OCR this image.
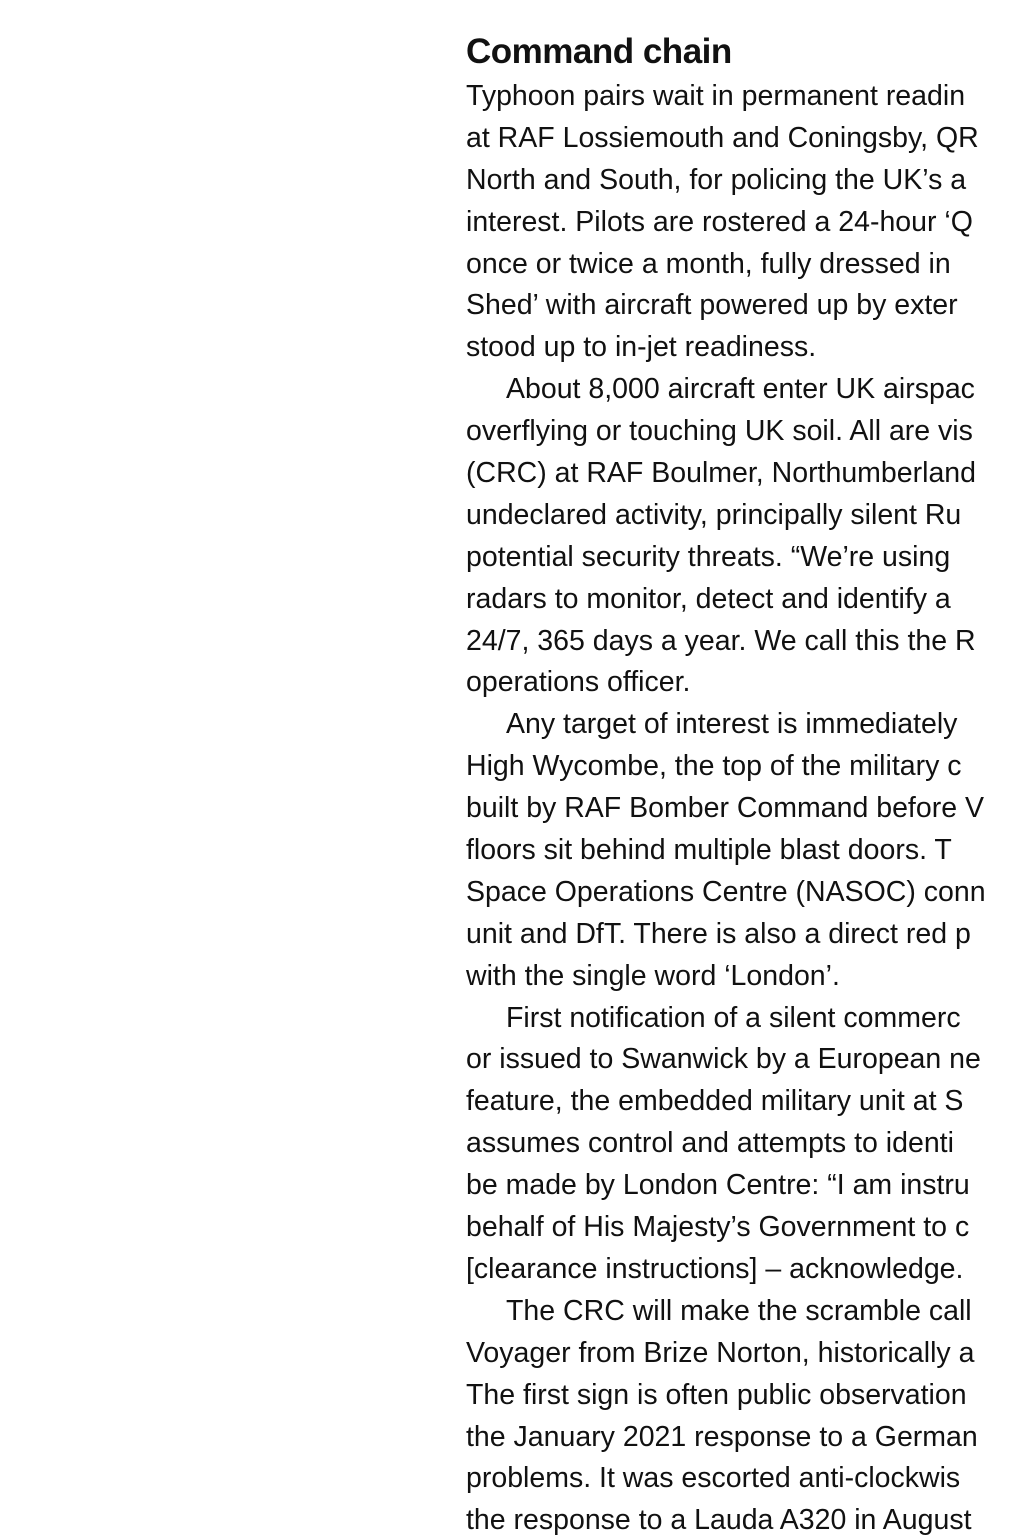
Command chain
Typhoon pairs wait in permanent readin
at RAF Lossiemouth and Coningsby, QR
North and South, for policing the UK’s a
interest. Pilots are rostered a 24-hour ‘Q
once or twice a month, fully dressed in
Shed’ with aircraft powered up by exter
stood up to in-jet readiness.
About 8,000 aircraft enter UK airspac
overflying or touching UK soil. All are vis
(CRC) at RAF Boulmer, Northumberland
undeclared activity, principally silent Ru
potential security threats. “We’re using
radars to monitor, detect and identify a
24/7, 365 days a year. We call this the R
operations officer.
Any target of interest is immediately
High Wycombe, the top of the military c
built by RAF Bomber Command before V
floors sit behind multiple blast doors. T
Space Operations Centre (NASOC) conn
unit and DfT. There is also a direct red p
with the single word ‘London’.
First notification of a silent commerc
or issued to Swanwick by a European ne
feature, the embedded military unit at S
assumes control and attempts to identi
be made by London Centre: “I am instru
behalf of His Majesty’s Government to c
[clearance instructions] – acknowledge.
The CRC will make the scramble call
Voyager from Brize Norton, historically a
The first sign is often public observation
the January 2021 response to a German
problems. It was escorted anti-clockwis
the response to a Lauda A320 in August
